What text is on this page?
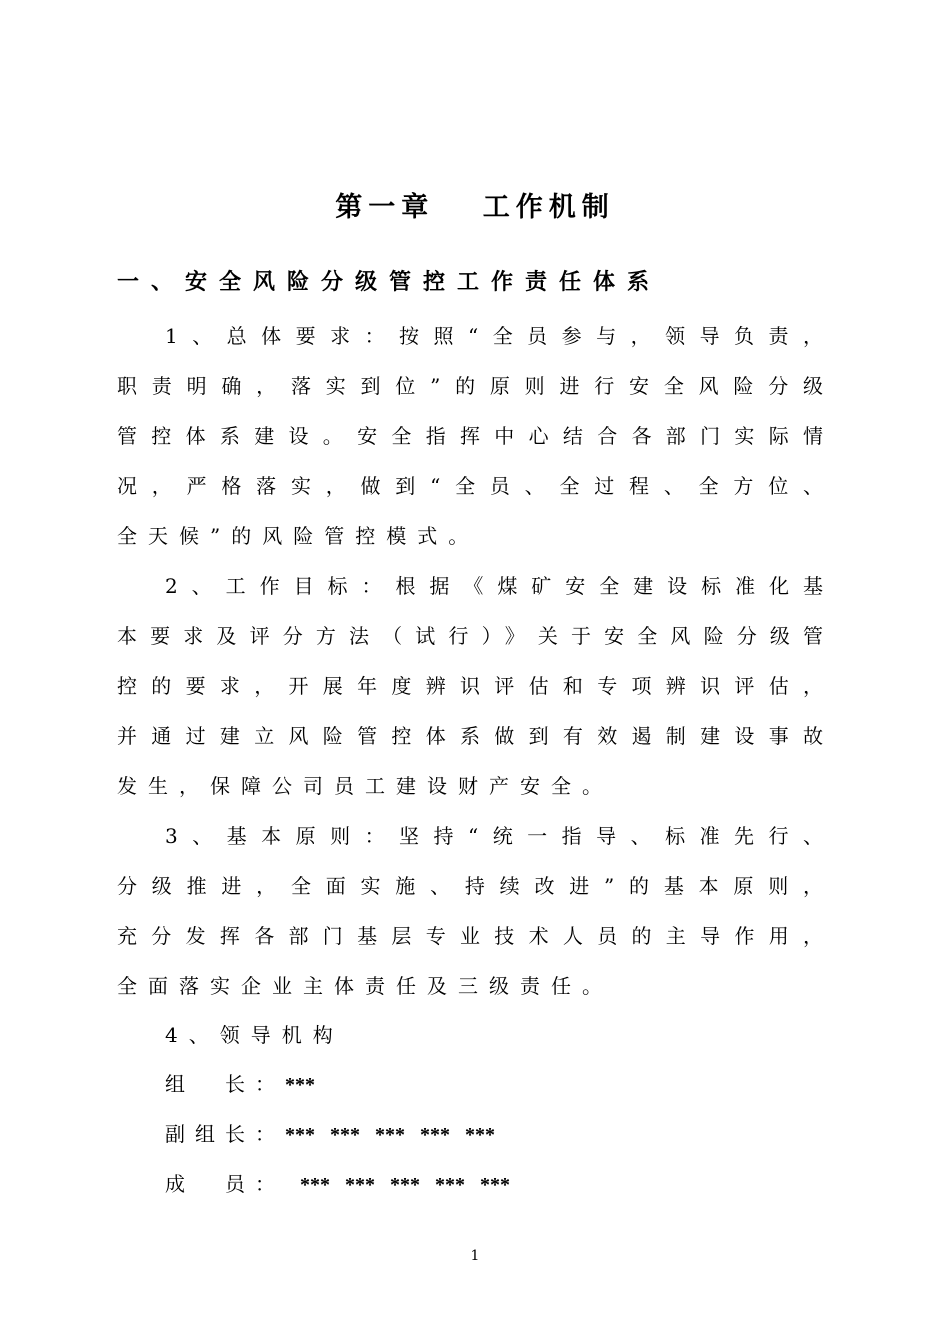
第一章　 工作机制
一、安全风险分级管控工作责任体系
1、总体要求：按照“全员参与，领导负责，
职责明确，落实到位”的原则进行安全风险分级
管控体系建设。安全指挥中心结合各部门实际情
况，严格落实，做到“全员、全过程、全方位、
全天候”的风险管控模式。
2、工作目标：根据《煤矿安全建设标准化基
本要求及评分方法（试行）》关于安全风险分级管
控的要求，开展年度辨识评估和专项辨识评估，
并通过建立风险管控体系做到有效遏制建设事故
发生，保障公司员工建设财产安全。
3、基本原则：坚持“统一指导、标准先行、
分级推进，全面实施、持续改进”的基本原则，
充分发挥各部门基层专业技术人员的主导作用，
全面落实企业主体责任及三级责任。
4、领导机构
组　长：***
副组长：***   ***   ***   ***   ***
成　员：   ***   ***   ***   ***   ***
1
